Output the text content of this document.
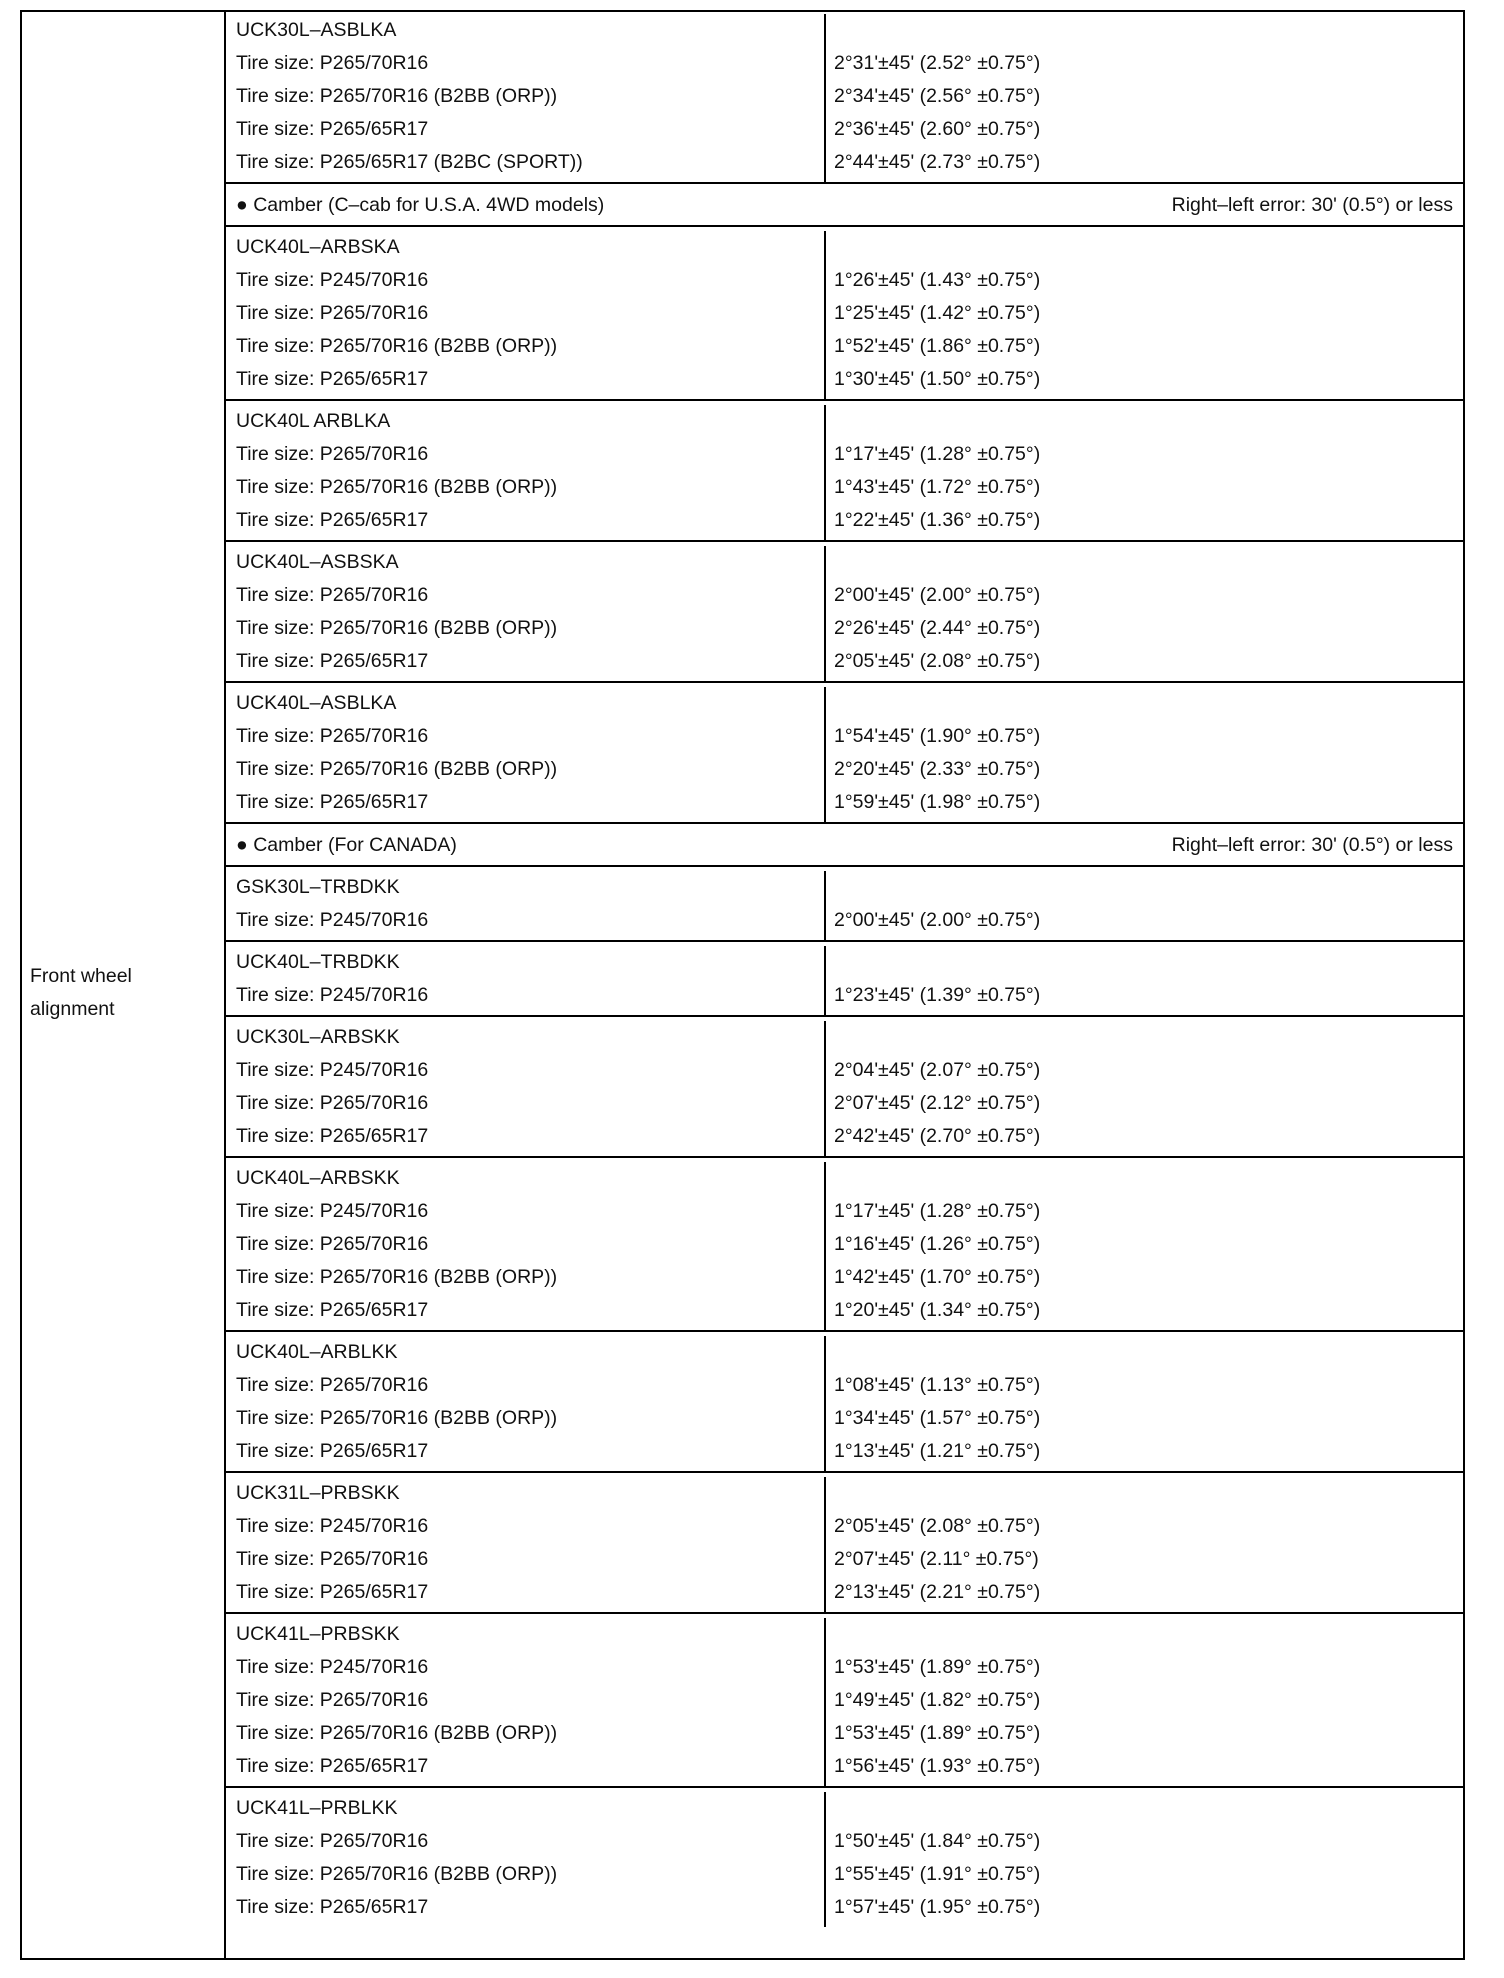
Front wheel
alignment
UCK30L–ASBLKA
Tire size: P265/70R16	2°31'±45' (2.52° ±0.75°)
Tire size: P265/70R16 (B2BB (ORP))	2°34'±45' (2.56° ±0.75°)
Tire size: P265/65R17	2°36'±45' (2.60° ±0.75°)
Tire size: P265/65R17 (B2BC (SPORT))	2°44'±45' (2.73° ±0.75°)
● Camber (C–cab for U.S.A. 4WD models)	Right–left error: 30' (0.5°) or less
UCK40L–ARBSKA
Tire size: P245/70R16	1°26'±45' (1.43° ±0.75°)
Tire size: P265/70R16	1°25'±45' (1.42° ±0.75°)
Tire size: P265/70R16 (B2BB (ORP))	1°52'±45' (1.86° ±0.75°)
Tire size: P265/65R17	1°30'±45' (1.50° ±0.75°)
UCK40L ARBLKA
Tire size: P265/70R16	1°17'±45' (1.28° ±0.75°)
Tire size: P265/70R16 (B2BB (ORP))	1°43'±45' (1.72° ±0.75°)
Tire size: P265/65R17	1°22'±45' (1.36° ±0.75°)
UCK40L–ASBSKA
Tire size: P265/70R16	2°00'±45' (2.00° ±0.75°)
Tire size: P265/70R16 (B2BB (ORP))	2°26'±45' (2.44° ±0.75°)
Tire size: P265/65R17	2°05'±45' (2.08° ±0.75°)
UCK40L–ASBLKA
Tire size: P265/70R16	1°54'±45' (1.90° ±0.75°)
Tire size: P265/70R16 (B2BB (ORP))	2°20'±45' (2.33° ±0.75°)
Tire size: P265/65R17	1°59'±45' (1.98° ±0.75°)
● Camber (For CANADA)	Right–left error: 30' (0.5°) or less
GSK30L–TRBDKK
Tire size: P245/70R16	2°00'±45' (2.00° ±0.75°)
UCK40L–TRBDKK
Tire size: P245/70R16	1°23'±45' (1.39° ±0.75°)
UCK30L–ARBSKK
Tire size: P245/70R16	2°04'±45' (2.07° ±0.75°)
Tire size: P265/70R16	2°07'±45' (2.12° ±0.75°)
Tire size: P265/65R17	2°42'±45' (2.70° ±0.75°)
UCK40L–ARBSKK
Tire size: P245/70R16	1°17'±45' (1.28° ±0.75°)
Tire size: P265/70R16	1°16'±45' (1.26° ±0.75°)
Tire size: P265/70R16 (B2BB (ORP))	1°42'±45' (1.70° ±0.75°)
Tire size: P265/65R17	1°20'±45' (1.34° ±0.75°)
UCK40L–ARBLKK
Tire size: P265/70R16	1°08'±45' (1.13° ±0.75°)
Tire size: P265/70R16 (B2BB (ORP))	1°34'±45' (1.57° ±0.75°)
Tire size: P265/65R17	1°13'±45' (1.21° ±0.75°)
UCK31L–PRBSKK
Tire size: P245/70R16	2°05'±45' (2.08° ±0.75°)
Tire size: P265/70R16	2°07'±45' (2.11° ±0.75°)
Tire size: P265/65R17	2°13'±45' (2.21° ±0.75°)
UCK41L–PRBSKK
Tire size: P245/70R16	1°53'±45' (1.89° ±0.75°)
Tire size: P265/70R16	1°49'±45' (1.82° ±0.75°)
Tire size: P265/70R16 (B2BB (ORP))	1°53'±45' (1.89° ±0.75°)
Tire size: P265/65R17	1°56'±45' (1.93° ±0.75°)
UCK41L–PRBLKK
Tire size: P265/70R16	1°50'±45' (1.84° ±0.75°)
Tire size: P265/70R16 (B2BB (ORP))	1°55'±45' (1.91° ±0.75°)
Tire size: P265/65R17	1°57'±45' (1.95° ±0.75°)
